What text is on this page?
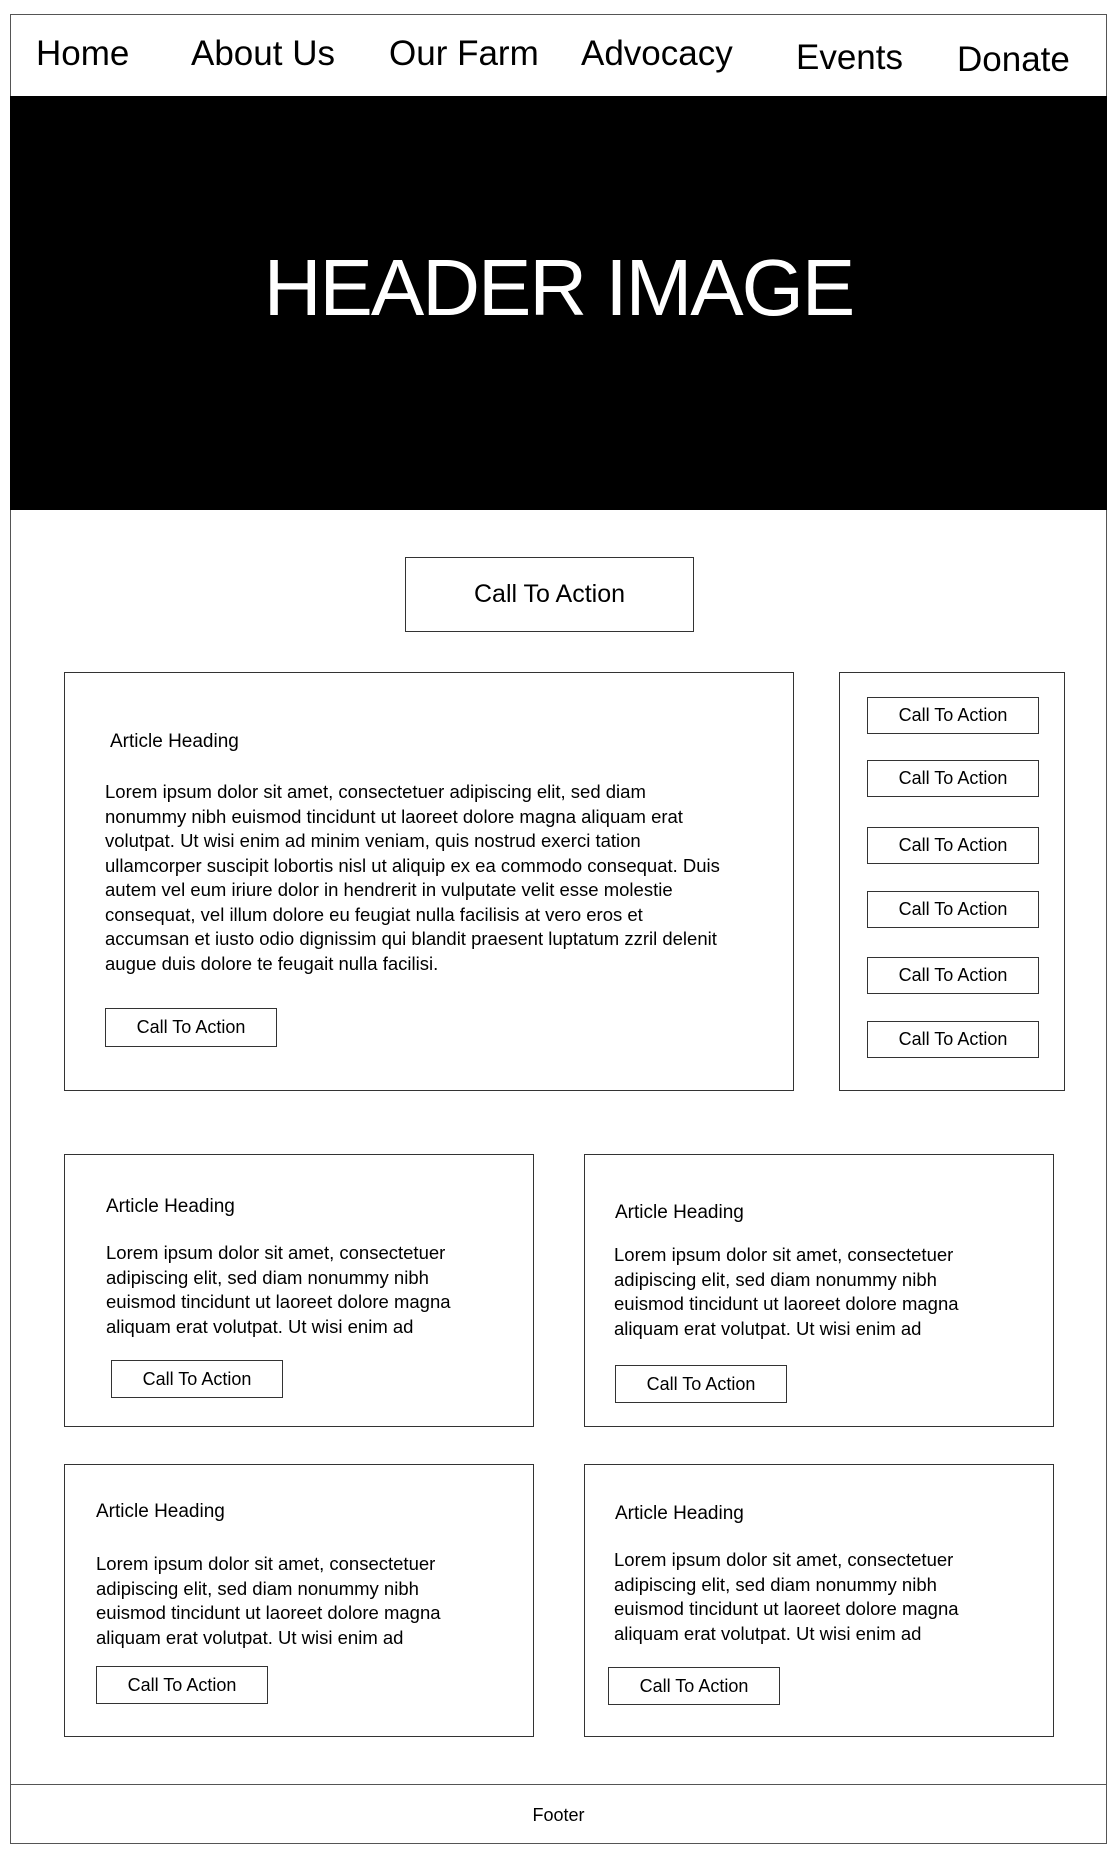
Home About Us Our Farm Advocacy Events Donate
HEADER IMAGE
Call To Action
Article Heading

Lorem ipsum dolor sit amet, consectetuer adipiscing elit, sed diam nonummy nibh euismod tincidunt ut laoreet dolore magna aliquam erat volutpat. Ut wisi enim ad minim veniam, quis nostrud exerci tation ullamcorper suscipit lobortis nisl ut aliquip ex ea commodo consequat. Duis autem vel eum iriure dolor in hendrerit in vulputate velit esse molestie consequat, vel illum dolore eu feugiat nulla facilisis at vero eros et accumsan et iusto odio dignissim qui blandit praesent luptatum zzril delenit augue duis dolore te feugait nulla facilisi.

Call To Action
Call To Action
Call To Action
Call To Action
Call To Action
Call To Action
Call To Action
Article Heading

Lorem ipsum dolor sit amet, consectetuer adipiscing elit, sed diam nonummy nibh euismod tincidunt ut laoreet dolore magna aliquam erat volutpat. Ut wisi enim ad

Call To Action
Article Heading

Lorem ipsum dolor sit amet, consectetuer adipiscing elit, sed diam nonummy nibh euismod tincidunt ut laoreet dolore magna aliquam erat volutpat. Ut wisi enim ad

Call To Action
Article Heading

Lorem ipsum dolor sit amet, consectetuer adipiscing elit, sed diam nonummy nibh euismod tincidunt ut laoreet dolore magna aliquam erat volutpat. Ut wisi enim ad

Call To Action
Article Heading

Lorem ipsum dolor sit amet, consectetuer adipiscing elit, sed diam nonummy nibh euismod tincidunt ut laoreet dolore magna aliquam erat volutpat. Ut wisi enim ad

Call To Action
Footer
